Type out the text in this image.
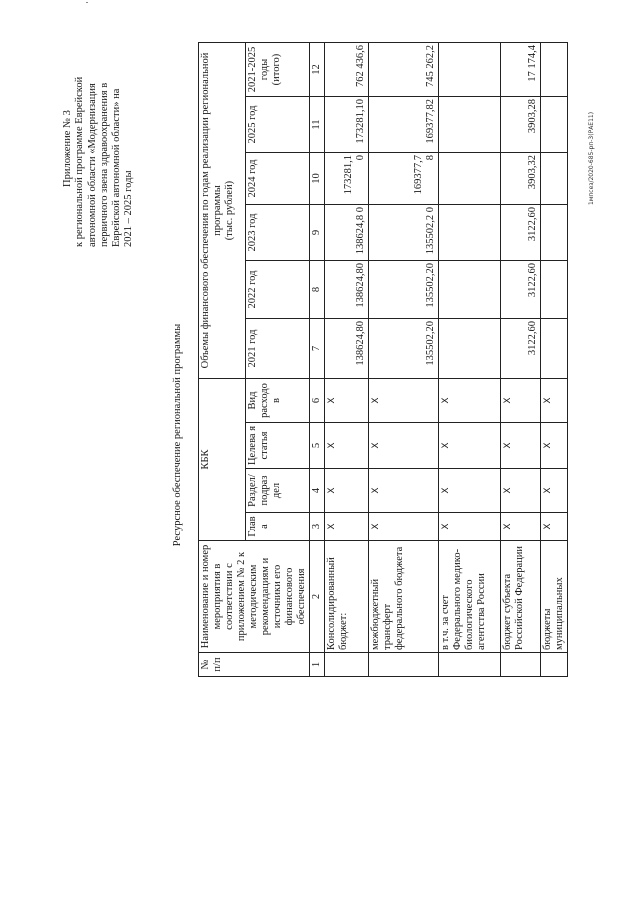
Приложение № 3 к региональной программе Еврейской автономной области «Модернизация первичного звена здравоохранения в Еврейской автономной области» на 2021 – 2025 годы
Ресурсное обеспечение региональной программы
№ п/п	Наименование и номер мероприятия в соответствии с приложением № 2 к методическим рекомендациям и источники его финансового обеспечения	КБК				Объемы финансового обеспечения по годам реализации региональной программы (тыс. рублей)					

		Глав а	Раздел/ подраз дел	Целева я статья	Вид расходо в	2021 год	2022 год	2023 год	2024 год	2025 год	2021-2025 годы (итого)
1	2	3	4	5	6	7	8	9	10	11	12
	Консолидированный бюджет:	Х	Х	Х	Х	138624,80	138624,80	138624,8 0	173281,1 0	173281,10	762 436,6
	межбюджетный трансферт федерального бюджета	Х	Х	Х	Х	135502,20	135502,20	135502,2 0	169377,7 8	169377,82	745 262,2
	в т.ч. за счет Федерального медико-биологического агентства России	Х	Х	Х	Х						
	бюджет субъекта Российской Федерации	Х	Х	Х	Х	3122,60	3122,60	3122,60	3903,32	3903,28	17 174,4
	бюджеты муниципальных	Х	Х	Х	Х						
1мпсез/2020-685-рп-3(РАЕ11)
